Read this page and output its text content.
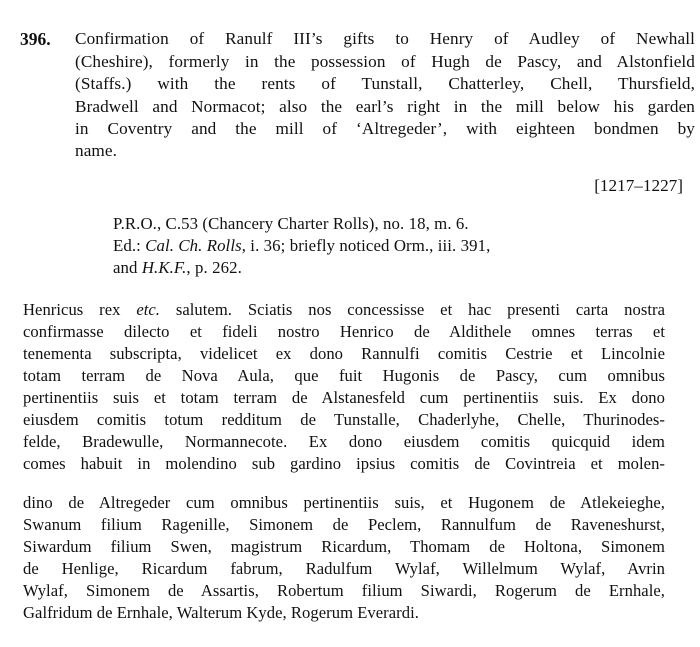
396. Confirmation of Ranulf III’s gifts to Henry of Audley of Newhall
(Cheshire), formerly in the possession of Hugh de Pascy, and Alstonfield
(Staffs.) with the rents of Tunstall, Chatterley, Chell, Thursfield,
Bradwell and Normacot; also the earl’s right in the mill below his garden
in Coventry and the mill of ‘Altregeder’, with eighteen bondmen by
name.
[1217–1227]
P.R.O., C.53 (Chancery Charter Rolls), no. 18, m. 6.
Ed.: Cal. Ch. Rolls, i. 36; briefly noticed Orm., iii. 391,
and H.K.F., p. 262.
Henricus rex etc. salutem. Sciatis nos concessisse et hac presenti carta nostra
confirmasse dilecto et fideli nostro Henrico de Aldithele omnes terras et
tenementa subscripta, videlicet ex dono Rannulfi comitis Cestrie et Lincolnie
totam terram de Nova Aula, que fuit Hugonis de Pascy, cum omnibus
pertinentiis suis et totam terram de Alstanesfeld cum pertinentiis suis. Ex dono
eiusdem comitis totum redditum de Tunstalle, Chaderlyhe, Chelle, Thurinodes-
felde, Bradewulle, Normannecote. Ex dono eiusdem comitis quicquid idem
comes habuit in molendino sub gardino ipsius comitis de Covintreia et molen-
dino de Altregeder cum omnibus pertinentiis suis, et Hugonem de Atlekeieghe,
Swanum filium Ragenille, Simonem de Peclem, Rannulfum de Raveneshurst,
Siwardum filium Swen, magistrum Ricardum, Thomam de Holtona, Simonem
de Henlige, Ricardum fabrum, Radulfum Wylaf, Willelmum Wylaf, Avrin
Wylaf, Simonem de Assartis, Robertum filium Siwardi, Rogerum de Ernhale,
Galfridum de Ernhale, Walterum Kyde, Rogerum Everardi.
